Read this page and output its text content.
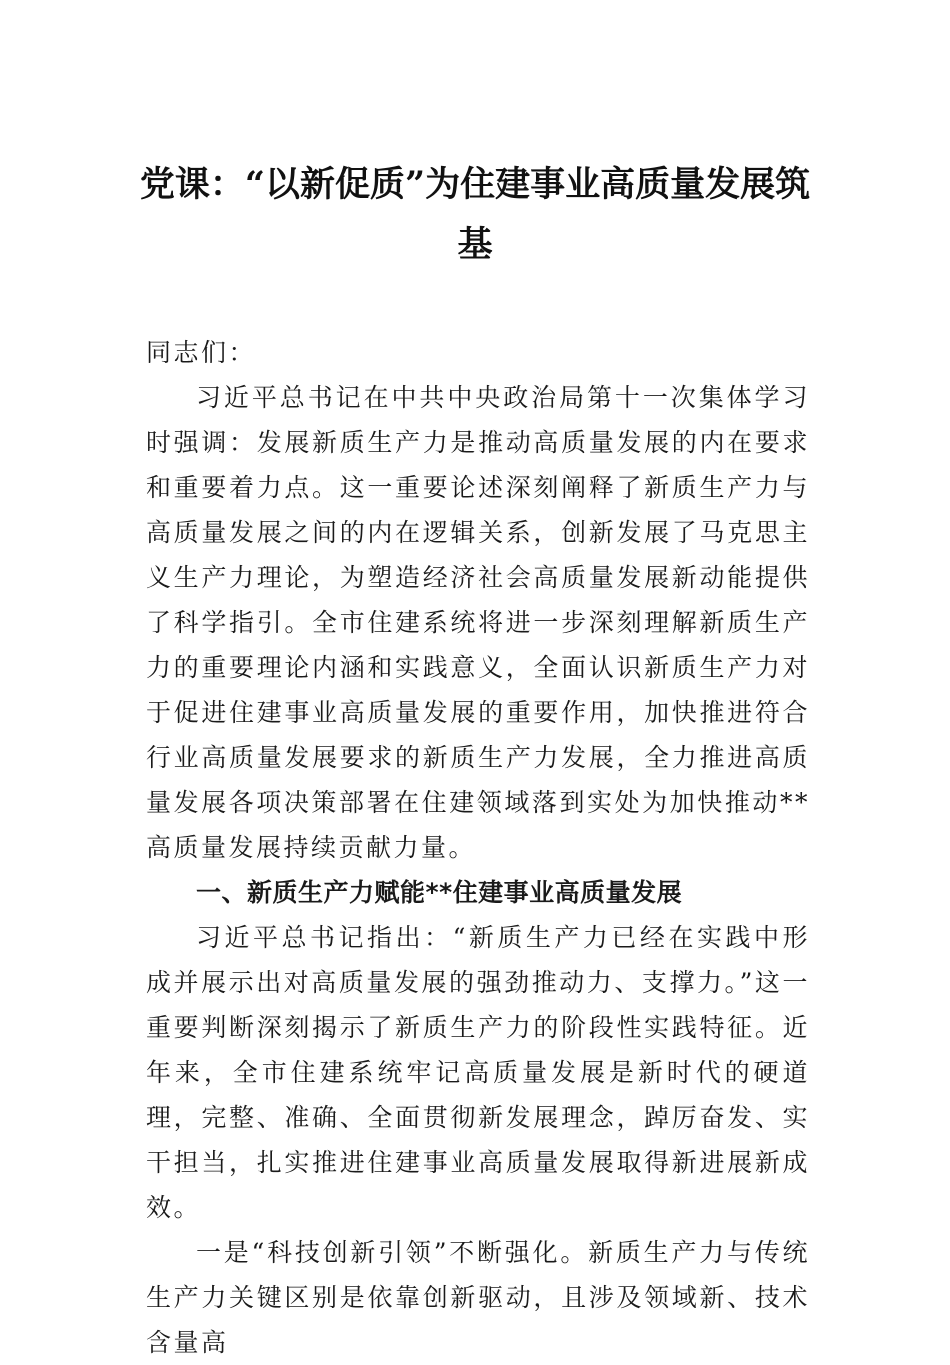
党课：“以新促质”为住建事业高质量发展筑基

同志们：

习近平总书记在中共中央政治局第十一次集体学习时强调：发展新质生产力是推动高质量发展的内在要求和重要着力点。这一重要论述深刻阐释了新质生产力与高质量发展之间的内在逻辑关系，创新发展了马克思主义生产力理论，为塑造经济社会高质量发展新动能提供了科学指引。全市住建系统将进一步深刻理解新质生产力的重要理论内涵和实践意义，全面认识新质生产力对于促进住建事业高质量发展的重要作用，加快推进符合行业高质量发展要求的新质生产力发展，全力推进高质量发展各项决策部署在住建领域落到实处为加快推动**高质量发展持续贡献力量。

一、新质生产力赋能**住建事业高质量发展

习近平总书记指出：“新质生产力已经在实践中形成并展示出对高质量发展的强劲推动力、支撑力。”这一重要判断深刻揭示了新质生产力的阶段性实践特征。近年来，全市住建系统牢记高质量发展是新时代的硬道理，完整、准确、全面贯彻新发展理念，踔厉奋发、实干担当，扎实推进住建事业高质量发展取得新进展新成效。

一是“科技创新引领”不断强化。新质生产力与传统生产力关键区别是依靠创新驱动，且涉及领域新、技术含量高
